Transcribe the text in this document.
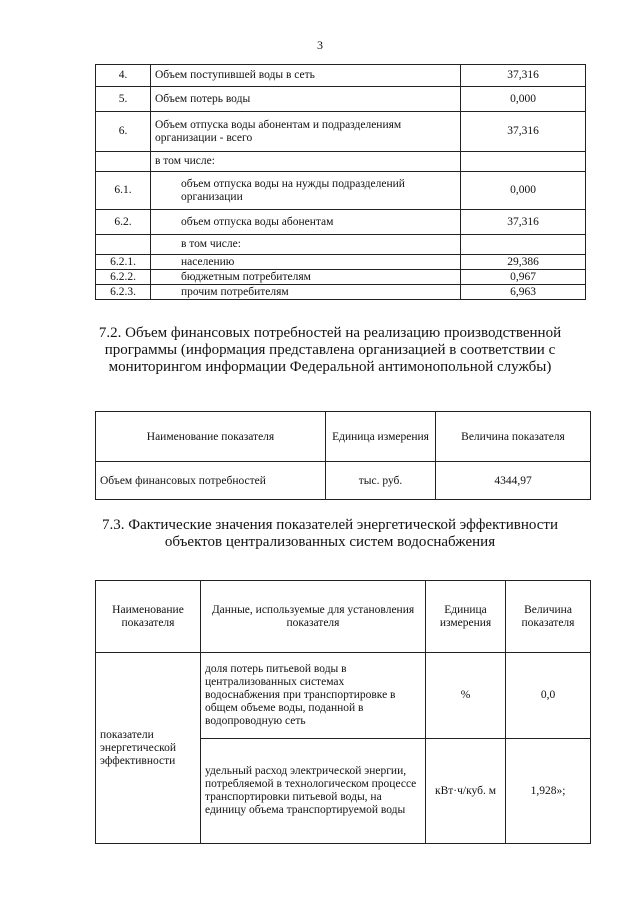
3
4.	Объем поступившей воды в сеть	37,316
5.	Объем потерь воды	0,000
6.	Объем отпуска воды абонентам и подразделениям организации - всего	37,316
	в том числе:	
6.1.	объем отпуска воды на нужды подразделений организации	0,000
6.2.	объем отпуска воды абонентам	37,316
	в том числе:	
6.2.1.	населению	29,386
6.2.2.	бюджетным потребителям	0,967
6.2.3.	прочим потребителям	6,963
7.2. Объем финансовых потребностей на реализацию производственной программы (информация представлена организацией в соответствии с мониторингом информации Федеральной антимонопольной службы)
Наименование показателя	Единица измерения	Величина показателя
Объем финансовых потребностей	тыс. руб.	4344,97
7.3. Фактические значения показателей энергетической эффективности объектов централизованных систем водоснабжения
Наименование показателя	Данные, используемые для установления показателя	Единица измерения	Величина показателя
показатели энергетической эффективности	доля потерь питьевой воды в централизованных системах водоснабжения при транспортировке в общем объеме воды, поданной в водопроводную сеть	%	0,0
	удельный расход электрической энергии, потребляемой в технологическом процессе транспортировки питьевой воды, на единицу объема транспортируемой воды	кВт·ч/куб. м	1,928»;
